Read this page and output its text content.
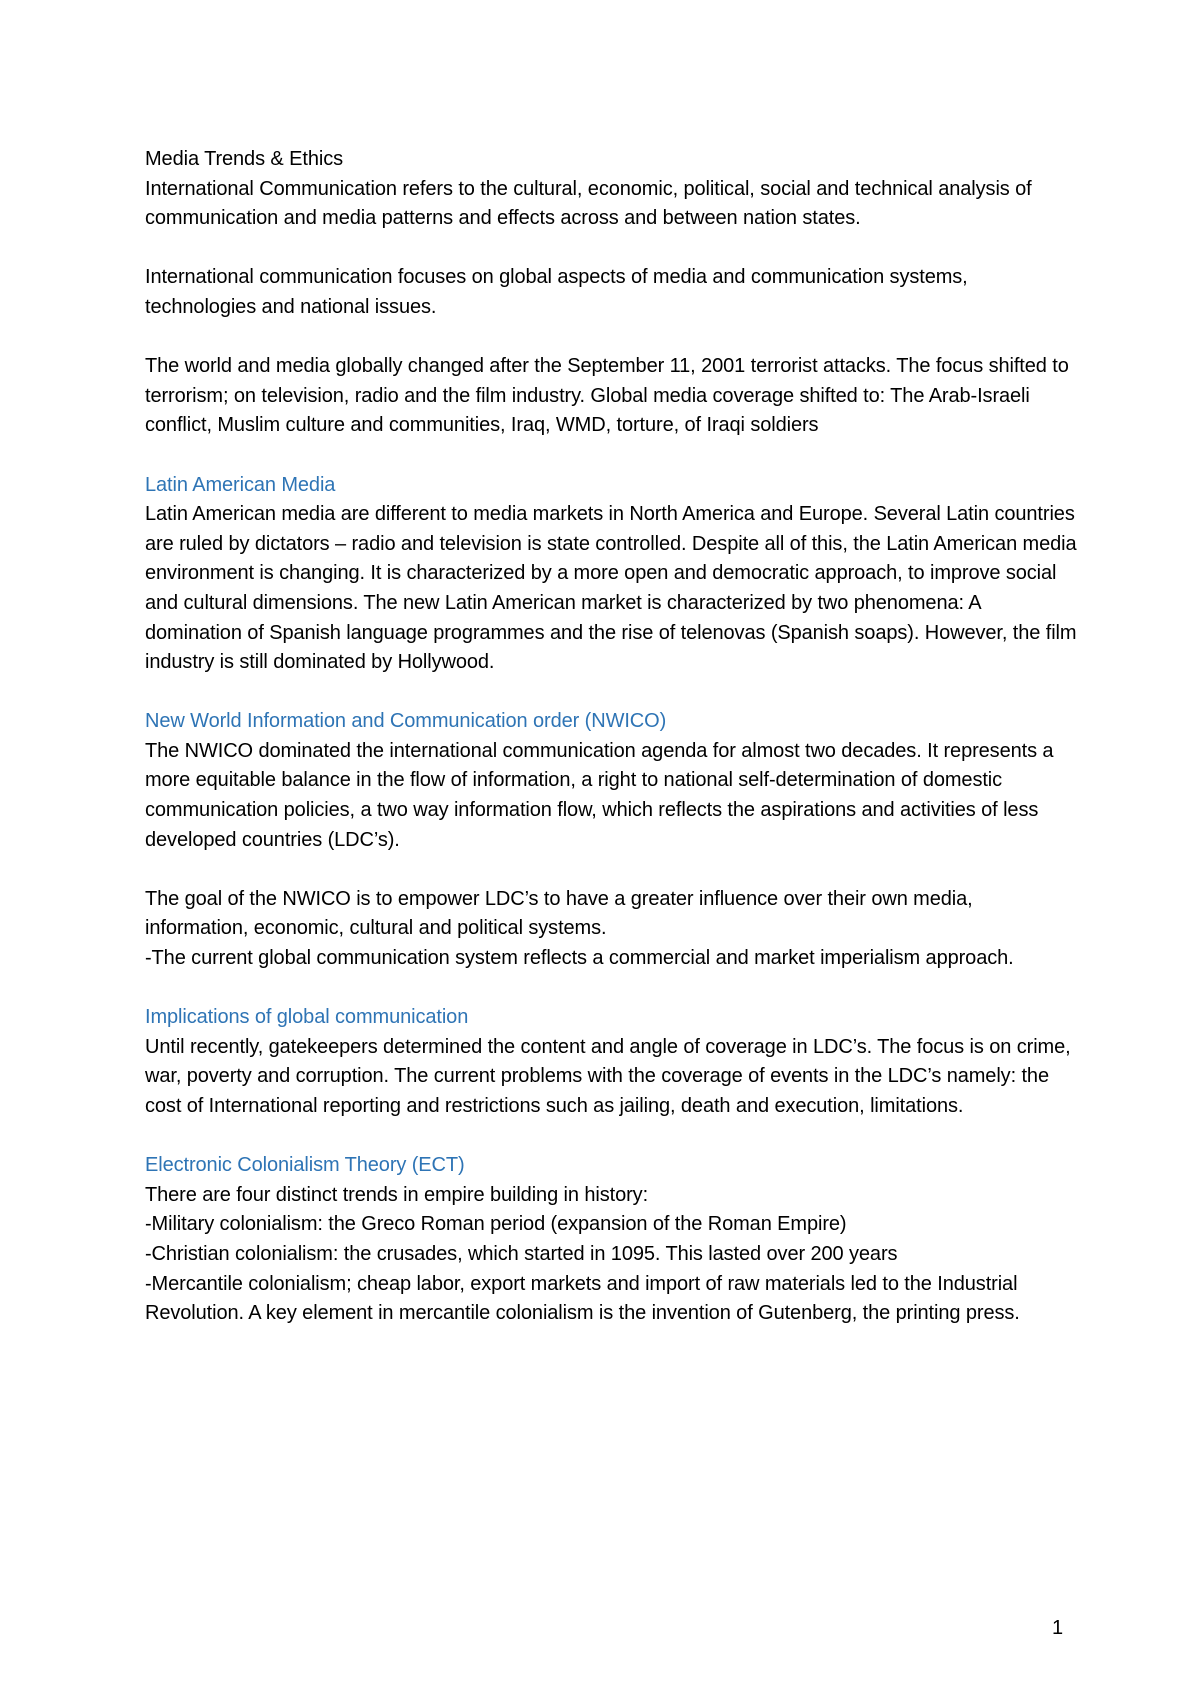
Media Trends & Ethics

International Communication refers to the cultural, economic, political, social and technical analysis of communication and media patterns and effects across and between nation states.

International communication focuses on global aspects of media and communication systems, technologies and national issues.

The world and media globally changed after the September 11, 2001 terrorist attacks. The focus shifted to terrorism; on television, radio and the film industry. Global media coverage shifted to: The Arab-Israeli conflict, Muslim culture and communities, Iraq, WMD, torture, of Iraqi soldiers

Latin American Media

Latin American media are different to media markets in North America and Europe. Several Latin countries are ruled by dictators – radio and television is state controlled. Despite all of this, the Latin American media environment is changing. It is characterized by a more open and democratic approach, to improve social and cultural dimensions. The new Latin American market is characterized by two phenomena: A domination of Spanish language programmes and the rise of telenovas (Spanish soaps). However, the film industry is still dominated by Hollywood.

New World Information and Communication order (NWICO)

The NWICO dominated the international communication agenda for almost two decades. It represents a more equitable balance in the flow of information, a right to national self-determination of domestic communication policies, a two way information flow, which reflects the aspirations and activities of less developed countries (LDC’s).

The goal of the NWICO is to empower LDC’s to have a greater influence over their own media, information, economic, cultural and political systems.

-The current global communication system reflects a commercial and market imperialism approach.

Implications of global communication

Until recently, gatekeepers determined the content and angle of coverage in LDC’s. The focus is on crime, war, poverty and corruption. The current problems with the coverage of events in the LDC’s namely: the cost of International reporting and restrictions such as jailing, death and execution, limitations.

Electronic Colonialism Theory (ECT)

There are four distinct trends in empire building in history:

-Military colonialism: the Greco Roman period (expansion of the Roman Empire)

-Christian colonialism: the crusades, which started in 1095. This lasted over 200 years

-Mercantile colonialism; cheap labor, export markets and import of raw materials led to the Industrial Revolution. A key element in mercantile colonialism is the invention of Gutenberg, the printing press.

1
